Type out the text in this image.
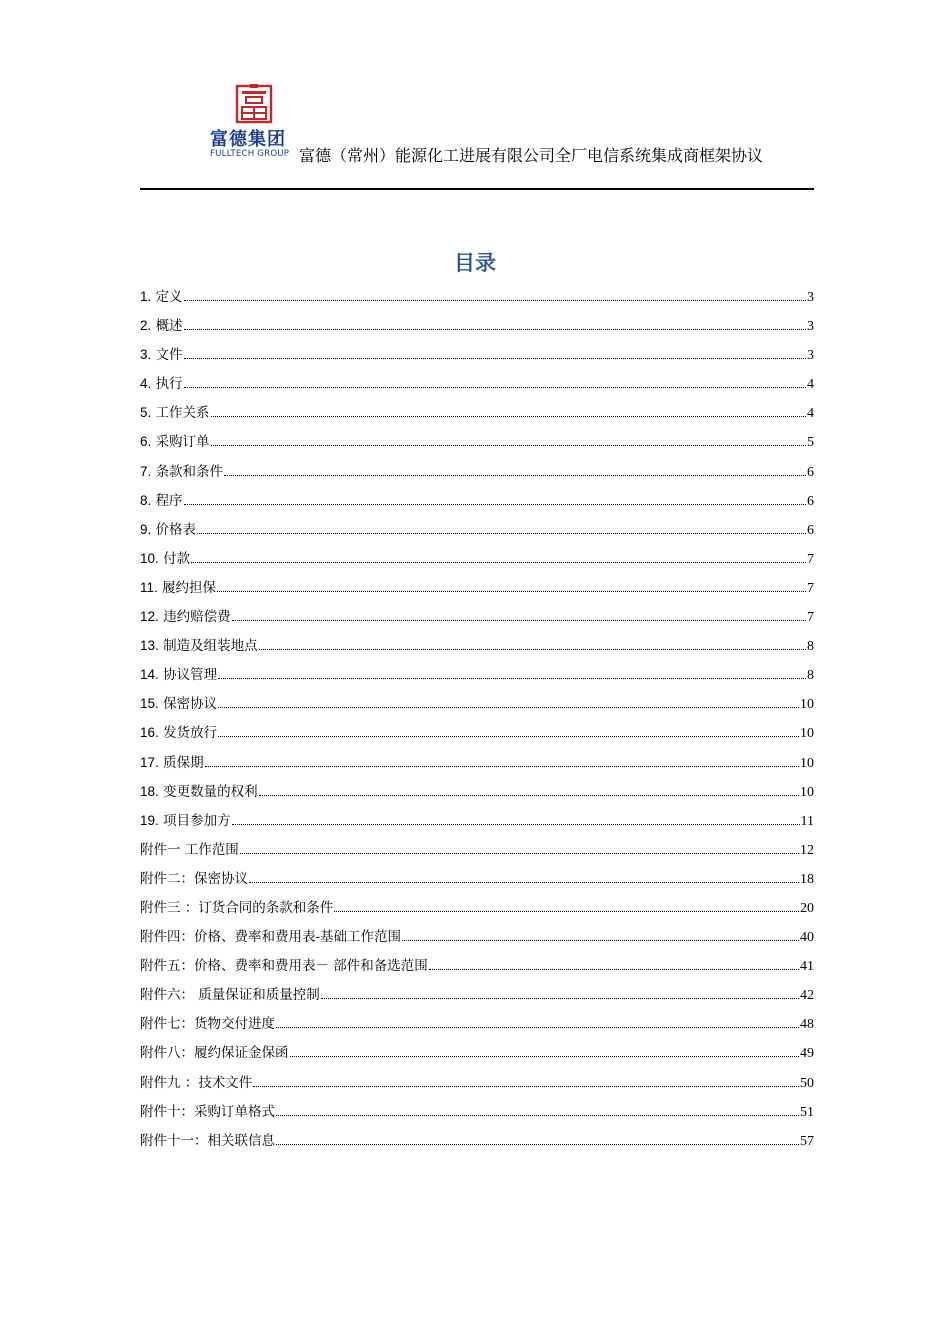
富德集团
FULLTECH GROUP 富德（常州）能源化工进展有限公司全厂电信系统集成商框架协议
目录
1. 定义	3
2. 概述	3
3. 文件	3
4. 执行	4
5. 工作关系	4
6. 采购订单	5
7. 条款和条件	6
8. 程序	6
9. 价格表	6
10. 付款	7
11. 履约担保	7
12. 违约赔偿费	7
13. 制造及组装地点	8
14. 协议管理	8
15. 保密协议	10
16. 发货放行	10
17. 质保期	10
18. 变更数量的权利	10
19. 项目参加方	11
附件一 工作范围	12
附件二：保密协议	18
附件三 ：订货合同的条款和条件	20
附件四：价格、费率和费用表-基础工作范围	40
附件五：价格、费率和费用表－ 部件和备选范围	41
附件六： 质量保证和质量控制	42
附件七：货物交付进度	48
附件八：履约保证金保函	49
附件九 ：技术文件	50
附件十：采购订单格式	51
附件十一：相关联信息	57
